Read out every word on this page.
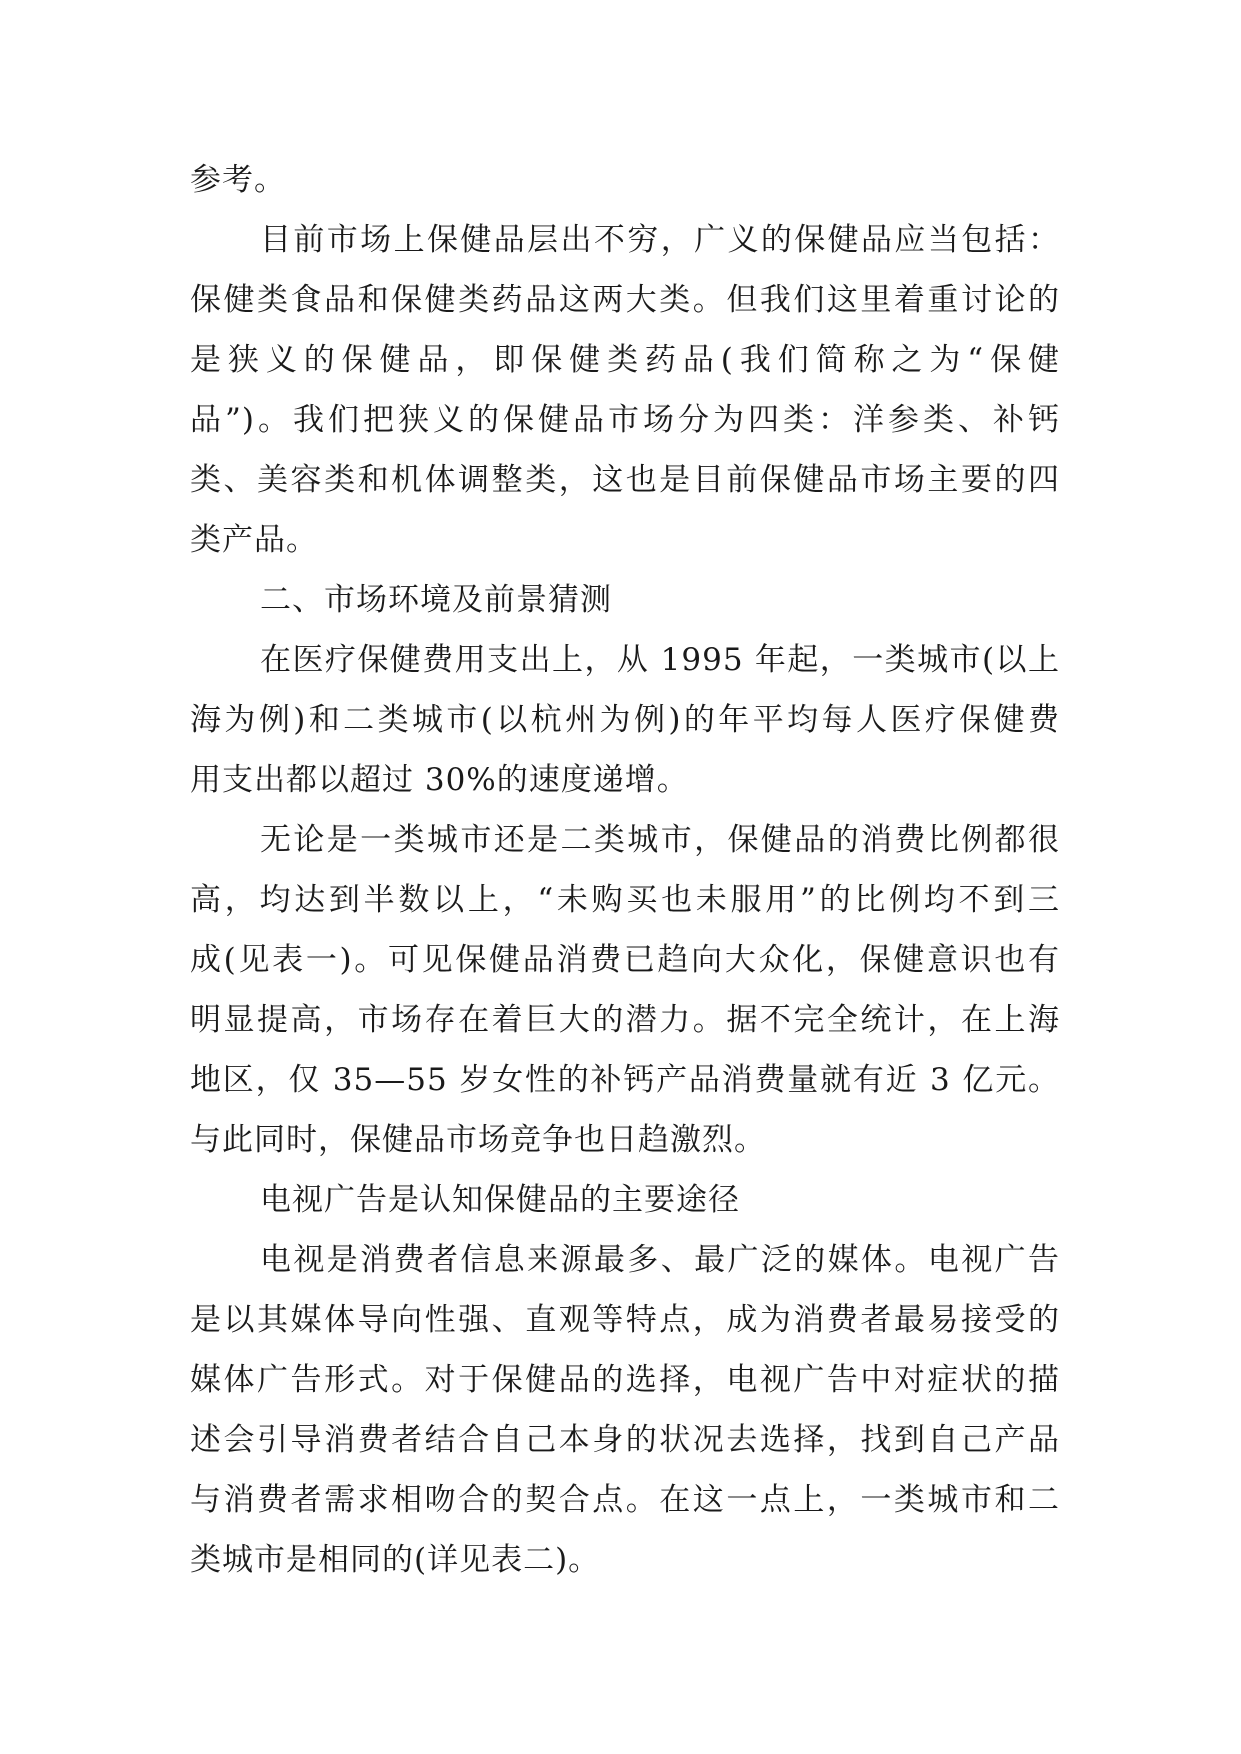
参考。
目前市场上保健品层出不穷，广义的保健品应当包括：
保健类食品和保健类药品这两大类。但我们这里着重讨论的
是狭义的保健品，即保健类药品(我们简称之为“保健
品”)。我们把狭义的保健品市场分为四类：洋参类、补钙
类、美容类和机体调整类，这也是目前保健品市场主要的四
类产品。
二、市场环境及前景猜测
在医疗保健费用支出上，从 1995 年起，一类城市(以上
海为例)和二类城市(以杭州为例)的年平均每人医疗保健费
用支出都以超过 30%的速度递增。
无论是一类城市还是二类城市，保健品的消费比例都很
高，均达到半数以上，“未购买也未服用”的比例均不到三
成(见表一)。可见保健品消费已趋向大众化，保健意识也有
明显提高，市场存在着巨大的潜力。据不完全统计，在上海
地区，仅 35—55 岁女性的补钙产品消费量就有近 3 亿元。
与此同时，保健品市场竞争也日趋激烈。
电视广告是认知保健品的主要途径
电视是消费者信息来源最多、最广泛的媒体。电视广告
是以其媒体导向性强、直观等特点，成为消费者最易接受的
媒体广告形式。对于保健品的选择，电视广告中对症状的描
述会引导消费者结合自己本身的状况去选择，找到自己产品
与消费者需求相吻合的契合点。在这一点上，一类城市和二
类城市是相同的(详见表二)。
